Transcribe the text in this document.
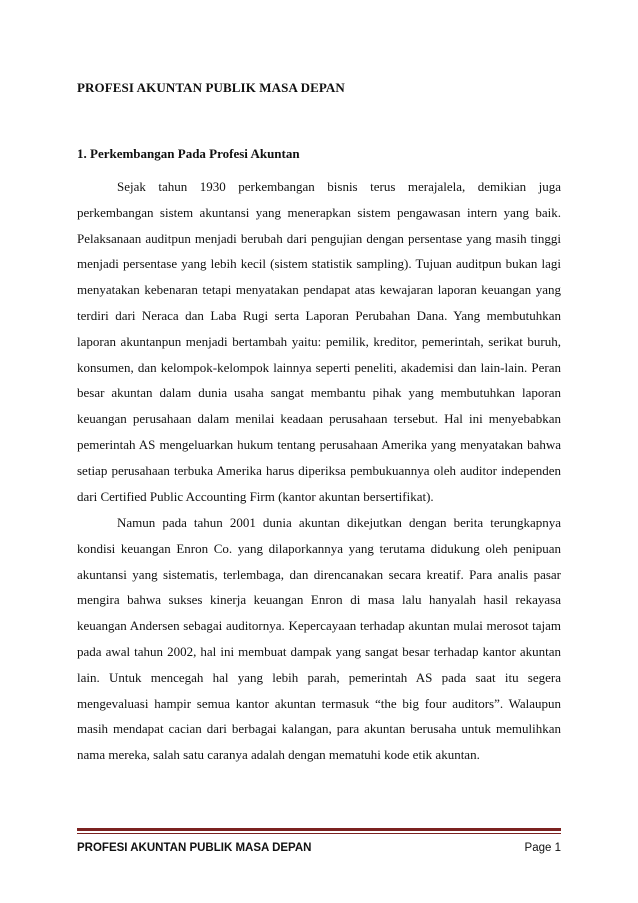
PROFESI AKUNTAN PUBLIK MASA DEPAN
1. Perkembangan Pada Profesi Akuntan

Sejak tahun 1930 perkembangan bisnis terus merajalela, demikian juga perkembangan sistem akuntansi yang menerapkan sistem pengawasan intern yang baik. Pelaksanaan auditpun menjadi berubah dari pengujian dengan persentase yang masih tinggi menjadi persentase yang lebih kecil (sistem statistik sampling). Tujuan auditpun bukan lagi menyatakan kebenaran tetapi menyatakan pendapat atas kewajaran laporan keuangan yang terdiri dari Neraca dan Laba Rugi serta Laporan Perubahan Dana. Yang membutuhkan laporan akuntanpun menjadi bertambah yaitu: pemilik, kreditor, pemerintah, serikat buruh, konsumen, dan kelompok-kelompok lainnya seperti peneliti, akademisi dan lain-lain. Peran besar akuntan dalam dunia usaha sangat membantu pihak yang membutuhkan laporan keuangan perusahaan dalam menilai keadaan perusahaan tersebut. Hal ini menyebabkan pemerintah AS mengeluarkan hukum tentang perusahaan Amerika yang menyatakan bahwa setiap perusahaan terbuka Amerika harus diperiksa pembukuannya oleh auditor independen dari Certified Public Accounting Firm (kantor akuntan bersertifikat).

Namun pada tahun 2001 dunia akuntan dikejutkan dengan berita terungkapnya kondisi keuangan Enron Co. yang dilaporkannya yang terutama didukung oleh penipuan akuntansi yang sistematis, terlembaga, dan direncanakan secara kreatif. Para analis pasar mengira bahwa sukses kinerja keuangan Enron di masa lalu hanyalah hasil rekayasa keuangan Andersen sebagai auditornya. Kepercayaan terhadap akuntan mulai merosot tajam pada awal tahun 2002, hal ini membuat dampak yang sangat besar terhadap kantor akuntan lain. Untuk mencegah hal yang lebih parah, pemerintah AS pada saat itu segera mengevaluasi hampir semua kantor akuntan termasuk “the big four auditors”. Walaupun masih mendapat cacian dari berbagai kalangan, para akuntan berusaha untuk memulihkan nama mereka, salah satu caranya adalah dengan mematuhi kode etik akuntan.

PROFESI AKUNTAN PUBLIK MASA DEPAN	Page 1
